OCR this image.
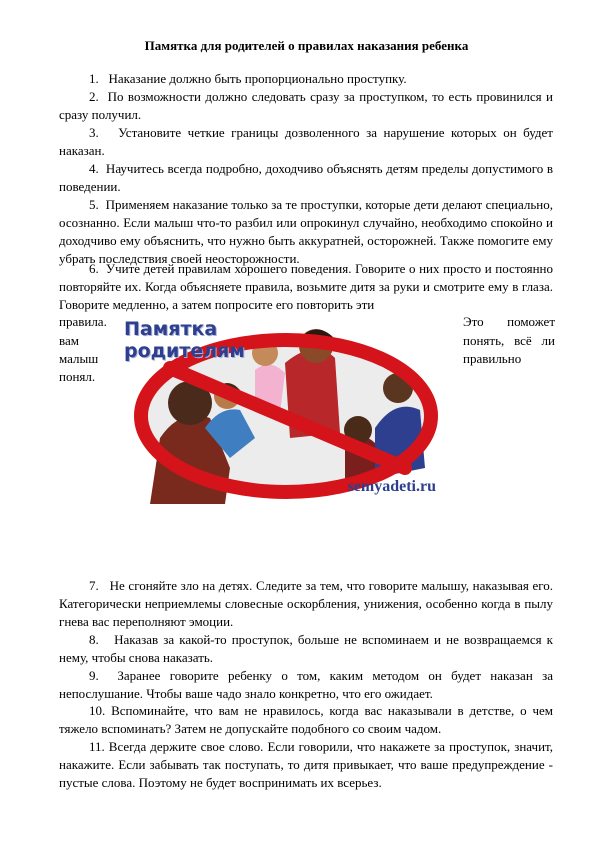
Памятка для родителей о правилах наказания ребенка

1.   Наказание должно быть пропорционально проступку.

2.  По возможности должно следовать сразу за проступком, то есть провинился и сразу получил.

3.   Установите четкие границы дозволенного за нарушение которых он будет наказан.

4.  Научитесь всегда подробно, доходчиво объяснять детям пределы допустимого в поведении.

5.  Применяем наказание только за те проступки, которые дети делают специально, осознанно. Если малыш что-то разбил или опрокинул случайно, необходимо спокойно и доходчиво ему объяснить, что нужно быть аккуратней, осторожней. Также помогите ему убрать последствия своей неосторожности.

6.  Учите детей правилам хорошего поведения. Говорите о них просто и постоянно повторяйте их. Когда объясняете правила, возьмите дитя за руки и смотрите ему в глаза. Говорите медленно, а затем попросите его повторить эти

правила.
вам
малыш
понял.
Это поможет
понять, всё ли
правильно
Памятка
родителям
semyadeti.ru

7.   Не сгоняйте зло на детях. Следите за тем, что говорите малышу, наказывая его. Категорически неприемлемы словесные оскорбления, унижения, особенно когда в пылу гнева вас переполняют эмоции.

8.   Наказав за какой-то проступок, больше не вспоминаем и не возвращаемся к нему, чтобы снова наказать.

9.  Заранее говорите ребенку о том, каким методом он будет наказан за непослушание. Чтобы ваше чадо знало конкретно, что его ожидает.

10. Вспоминайте, что вам не нравилось, когда вас наказывали в детстве, о чем тяжело вспоминать? Затем не допускайте подобного со своим чадом.

11. Всегда держите свое слово. Если говорили, что накажете за проступок, значит, накажите. Если забывать так поступать, то дитя привыкает, что ваше предупреждение - пустые слова. Поэтому не будет воспринимать их всерьез.
